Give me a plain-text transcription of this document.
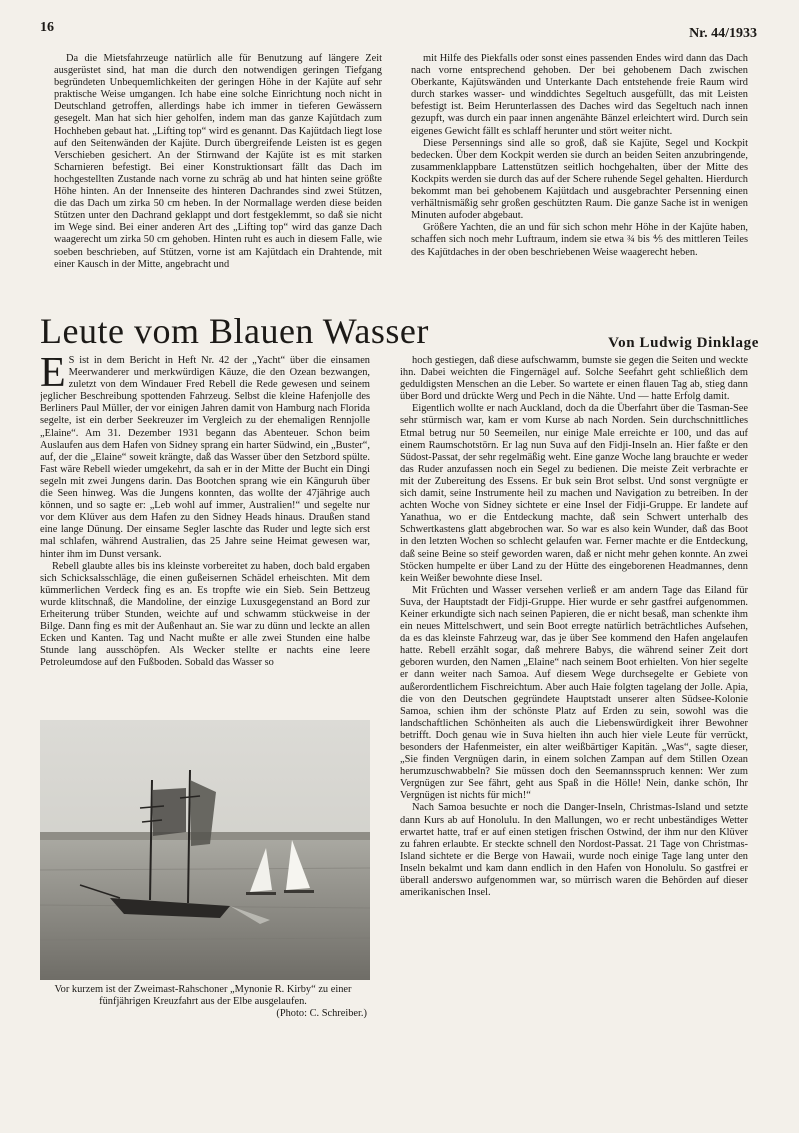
16	Nr. 44/1933

Da die Mietsfahrzeuge natürlich alle für Benutzung auf längere Zeit ausgerüstet sind, hat man die durch den notwendigen geringen Tiefgang begründeten Unbequemlichkeiten der geringen Höhe in der Kajüte auf sehr praktische Weise umgangen. Ich habe eine solche Einrichtung noch nicht in Deutschland getroffen, allerdings habe ich immer in tieferen Gewässern gesegelt. Man hat sich hier geholfen, indem man das ganze Kajütdach zum Hochheben gebaut hat. „Lifting top“ wird es genannt. Das Kajütdach liegt lose auf den Seitenwänden der Kajüte. Durch übergreifende Leisten ist es gegen Verschieben gesichert. An der Stirnwand der Kajüte ist es mit starken Scharnieren befestigt. Bei einer Konstruktionsart fällt das Dach im hochgestellten Zustande nach vorne zu schräg ab und hat hinten seine größte Höhe hinten. An der Innenseite des hinteren Dachrandes sind zwei Stützen, die das Dach um zirka 50 cm heben. In der Normallage werden diese beiden Stützen unter den Dachrand geklappt und dort festgeklemmt, so daß sie nicht im Wege sind. Bei einer anderen Art des „Lifting top“ wird das ganze Dach waagerecht um zirka 50 cm gehoben. Hinten ruht es auch in diesem Falle, wie soeben beschrieben, auf Stützen, vorne ist am Kajütdach ein Drahtende, mit einer Kausch in der Mitte, angebracht und

mit Hilfe des Piekfalls oder sonst eines passenden Endes wird dann das Dach nach vorne entsprechend gehoben. Der bei gehobenem Dach zwischen Oberkante, Kajütswänden und Unterkante Dach entstehende freie Raum wird durch starkes wasser- und winddichtes Segeltuch ausgefüllt, das mit Leisten befestigt ist. Beim Herunterlassen des Daches wird das Segeltuch nach innen gezupft, was durch ein paar innen angenähte Bänzel erleichtert wird. Durch sein eigenes Gewicht fällt es schlaff herunter und stört weiter nicht.

Diese Persennings sind alle so groß, daß sie Kajüte, Segel und Kockpit bedecken. Über dem Kockpit werden sie durch an beiden Seiten anzubringende, zusammenklappbare Lattenstützen seitlich hochgehalten, über der Mitte des Kockpits werden sie durch das auf der Schere ruhende Segel gehalten. Hierdurch bekommt man bei gehobenem Kajütdach und ausgebrachter Persenning einen verhältnismäßig sehr großen geschützten Raum. Die ganze Sache ist in wenigen Minuten aufoder abgebaut.

Größere Yachten, die an und für sich schon mehr Höhe in der Kajüte haben, schaffen sich noch mehr Luftraum, indem sie etwa ¾ bis ⅘ des mittleren Teiles des Kajütdaches in der oben beschriebenen Weise waagerecht heben.

Leute vom Blauen Wasser	Von Ludwig Dinklage

E S ist in dem Bericht in Heft Nr. 42 der „Yacht“ über die einsamen Meerwanderer und merkwürdigen Käuze, die den Ozean bezwangen, zuletzt von dem Windauer Fred Rebell die Rede gewesen und seinem jeglicher Beschreibung spottenden Fahrzeug. Selbst die kleine Hafenjolle des Berliners Paul Müller, der vor einigen Jahren damit von Hamburg nach Florida segelte, ist ein derber Seekreuzer im Vergleich zu der ehemaligen Rennjolle „Elaine“. Am 31. Dezember 1931 begann das Abenteuer. Schon beim Auslaufen aus dem Hafen von Sidney sprang ein harter Südwind, ein „Buster“, auf, der die „Elaine“ soweit krängte, daß das Wasser über den Setzbord spülte. Fast wäre Rebell wieder umgekehrt, da sah er in der Mitte der Bucht ein Dingi segeln mit zwei Jungens darin. Das Bootchen sprang wie ein Känguruh über die Seen hinweg. Was die Jungens konnten, das wollte der 47jährige auch können, und so sagte er: „Leb wohl auf immer, Australien!“ und segelte nur vor dem Klüver aus dem Hafen zu den Sidney Heads hinaus. Draußen stand eine lange Dünung. Der einsame Segler laschte das Ruder und legte sich erst mal schlafen, während Australien, das 25 Jahre seine Heimat gewesen war, hinter ihm im Dunst versank.

Rebell glaubte alles bis ins kleinste vorbereitet zu haben, doch bald ergaben sich Schicksalsschläge, die einen gußeisernen Schädel erheischten. Mit dem kümmerlichen Verdeck fing es an. Es tropfte wie ein Sieb. Sein Bettzeug wurde klitschnaß, die Mandoline, der einzige Luxusgegenstand an Bord zur Erheiterung trüber Stunden, weichte auf und schwamm stückweise in der Bilge. Dann fing es mit der Außenhaut an. Sie war zu dünn und leckte an allen Ecken und Kanten. Tag und Nacht mußte er alle zwei Stunden eine halbe Stunde lang ausschöpfen. Als Wecker stellte er nachts eine leere Petroleumdose auf den Fußboden. Sobald das Wasser so

Vor kurzem ist der Zweimast-Rahschoner „Mynonie R. Kirby“ zu einer fünfjährigen Kreuzfahrt aus der Elbe ausgelaufen.
(Photo: C. Schreiber.)

hoch gestiegen, daß diese aufschwamm, bumste sie gegen die Seiten und weckte ihn. Dabei weichten die Fingernägel auf. Solche Seefahrt geht schließlich dem geduldigsten Menschen an die Leber. So wartete er einen flauen Tag ab, stieg dann über Bord und drückte Werg und Pech in die Nähte. Und — hatte Erfolg damit.

Eigentlich wollte er nach Auckland, doch da die Überfahrt über die Tasman-See sehr stürmisch war, kam er vom Kurse ab nach Norden. Sein durchschnittliches Etmal betrug nur 50 Seemeilen, nur einige Male erreichte er 100, und das auf einem Raumschotstörn. Er lag nun Suva auf den Fidji-Inseln an. Hier faßte er den Südost-Passat, der sehr regelmäßig weht. Eine ganze Woche lang brauchte er weder das Ruder anzufassen noch ein Segel zu bedienen. Die meiste Zeit verbrachte er mit der Zubereitung des Essens. Er buk sein Brot selbst. Und sonst vergnügte er sich damit, seine Instrumente heil zu machen und Navigation zu betreiben. In der achten Woche von Sidney sichtete er eine Insel der Fidji-Gruppe. Er landete auf Yanathua, wo er die Entdeckung machte, daß sein Schwert unterhalb des Schwertkastens glatt abgebrochen war. So war es also kein Wunder, daß das Boot in den letzten Wochen so schlecht gelaufen war. Ferner machte er die Entdeckung, daß seine Beine so steif geworden waren, daß er nicht mehr gehen konnte. An zwei Stöcken humpelte er über Land zu der Hütte des eingeborenen Headmannes, denn kein Weißer bewohnte diese Insel.

Mit Früchten und Wasser versehen verließ er am andern Tage das Eiland für Suva, der Hauptstadt der Fidji-Gruppe. Hier wurde er sehr gastfrei aufgenommen. Keiner erkundigte sich nach seinen Papieren, die er nicht besaß, man schenkte ihm ein neues Mittelschwert, und sein Boot erregte natürlich beträchtliches Aufsehen, da es das kleinste Fahrzeug war, das je über See kommend den Hafen angelaufen hatte. Rebell erzählt sogar, daß mehrere Babys, die während seiner Zeit dort geboren wurden, den Namen „Elaine“ nach seinem Boot erhielten. Von hier segelte er dann weiter nach Samoa. Auf diesem Wege durchsegelte er Gebiete von außerordentlichem Fischreichtum. Aber auch Haie folgten tagelang der Jolle. Apia, die von den Deutschen gegründete Hauptstadt unserer alten Südsee-Kolonie Samoa, schien ihm der schönste Platz auf Erden zu sein, sowohl was die landschaftlichen Schönheiten als auch die Liebenswürdigkeit ihrer Bewohner betrifft. Doch genau wie in Suva hielten ihn auch hier viele Leute für verrückt, besonders der Hafenmeister, ein alter weißbärtiger Kapitän. „Was“, sagte dieser, „Sie finden Vergnügen darin, in einem solchen Zampan auf dem Stillen Ozean herumzuschwabbeln? Sie müssen doch den Seemannsspruch kennen: Wer zum Vergnügen zur See fährt, geht aus Spaß in die Hölle! Nein, danke schön, Ihr Vergnügen ist nichts für mich!“

Nach Samoa besuchte er noch die Danger-Inseln, Christmas-Island und setzte dann Kurs ab auf Honolulu. In den Mallungen, wo er recht unbeständiges Wetter erwartet hatte, traf er auf einen stetigen frischen Ostwind, der ihm nur den Klüver zu fahren erlaubte. Er steckte schnell den Nordost-Passat. 21 Tage von Christmas-Island sichtete er die Berge von Hawaii, wurde noch einige Tage lang unter den Inseln bekalmt und kam dann endlich in den Hafen von Honolulu. So gastfrei er überall anderswo aufgenommen war, so mürrisch waren die Behörden auf dieser amerikanischen Insel.
